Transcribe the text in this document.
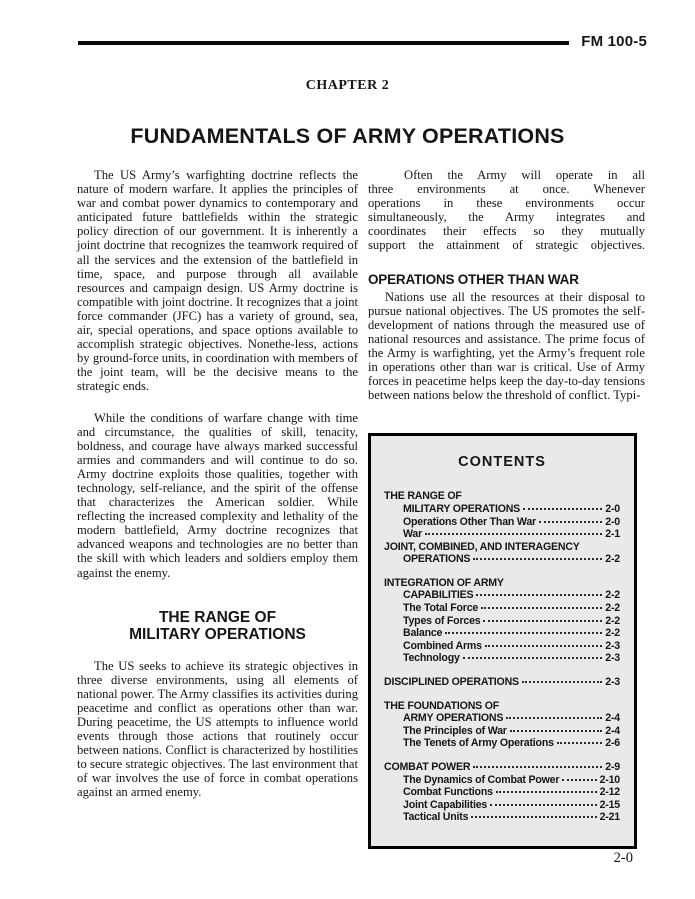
FM 100-5
CHAPTER 2
FUNDAMENTALS OF ARMY OPERATIONS

The US Army’s warfighting doctrine reflects the nature of modern warfare. It applies the principles of war and combat power dynamics to contemporary and anticipated future battlefields within the strategic policy direction of our government. It is inherently a joint doctrine that recognizes the teamwork required of all the services and the extension of the battlefield in time, space, and purpose through all available resources and campaign design. US Army doctrine is compatible with joint doctrine. It recognizes that a joint force commander (JFC) has a variety of ground, sea, air, special operations, and space options available to accomplish strategic objectives. Nonethe-less, actions by ground-force units, in coordination with members of the joint team, will be the decisive means to the strategic ends.

While the conditions of warfare change with time and circumstance, the qualities of skill, tenacity, boldness, and courage have always marked successful armies and commanders and will continue to do so. Army doctrine exploits those qualities, together with technology, self-reliance, and the spirit of the offense that characterizes the American soldier. While reflecting the increased complexity and lethality of the modern battlefield, Army doctrine recognizes that advanced weapons and technologies are no better than the skill with which leaders and soldiers employ them against the enemy.

THE RANGE OF
MILITARY OPERATIONS

The US seeks to achieve its strategic objectives in three diverse environments, using all elements of national power. The Army classifies its activities during peacetime and conflict as operations other than war. During peacetime, the US attempts to influence world events through those actions that routinely occur between nations. Conflict is characterized by hostilities to secure strategic objectives. The last environment that of war involves the use of force in combat operations against an armed enemy.

Often the Army will operate in all three environments at once. Whenever operations in these environments occur simultaneously, the Army integrates and coordinates their effects so they mutually support the attainment of strategic objectives.

OPERATIONS OTHER THAN WAR

Nations use all the resources at their disposal to pursue national objectives. The US promotes the self-development of nations through the measured use of national resources and assistance. The prime focus of the Army is warfighting, yet the Army’s frequent role in operations other than war is critical. Use of Army forces in peacetime helps keep the day-to-day tensions between nations below the threshold of conflict. Typi-

CONTENTS
THE RANGE OF
MILITARY OPERATIONS	2-0
Operations Other Than War	2-0
War	2-1
JOINT, COMBINED, AND INTERAGENCY
OPERATIONS	2-2
INTEGRATION OF ARMY
CAPABILITIES	2-2
The Total Force	2-2
Types of Forces	2-2
Balance	2-2
Combined Arms	2-3
Technology	2-3
DISCIPLINED OPERATIONS	2-3
THE FOUNDATIONS OF
ARMY OPERATIONS	2-4
The Principles of War	2-4
The Tenets of Army Operations	2-6
COMBAT POWER	2-9
The Dynamics of Combat Power	2-10
Combat Functions	2-12
Joint Capabilities	2-15
Tactical Units	2-21
2-0
